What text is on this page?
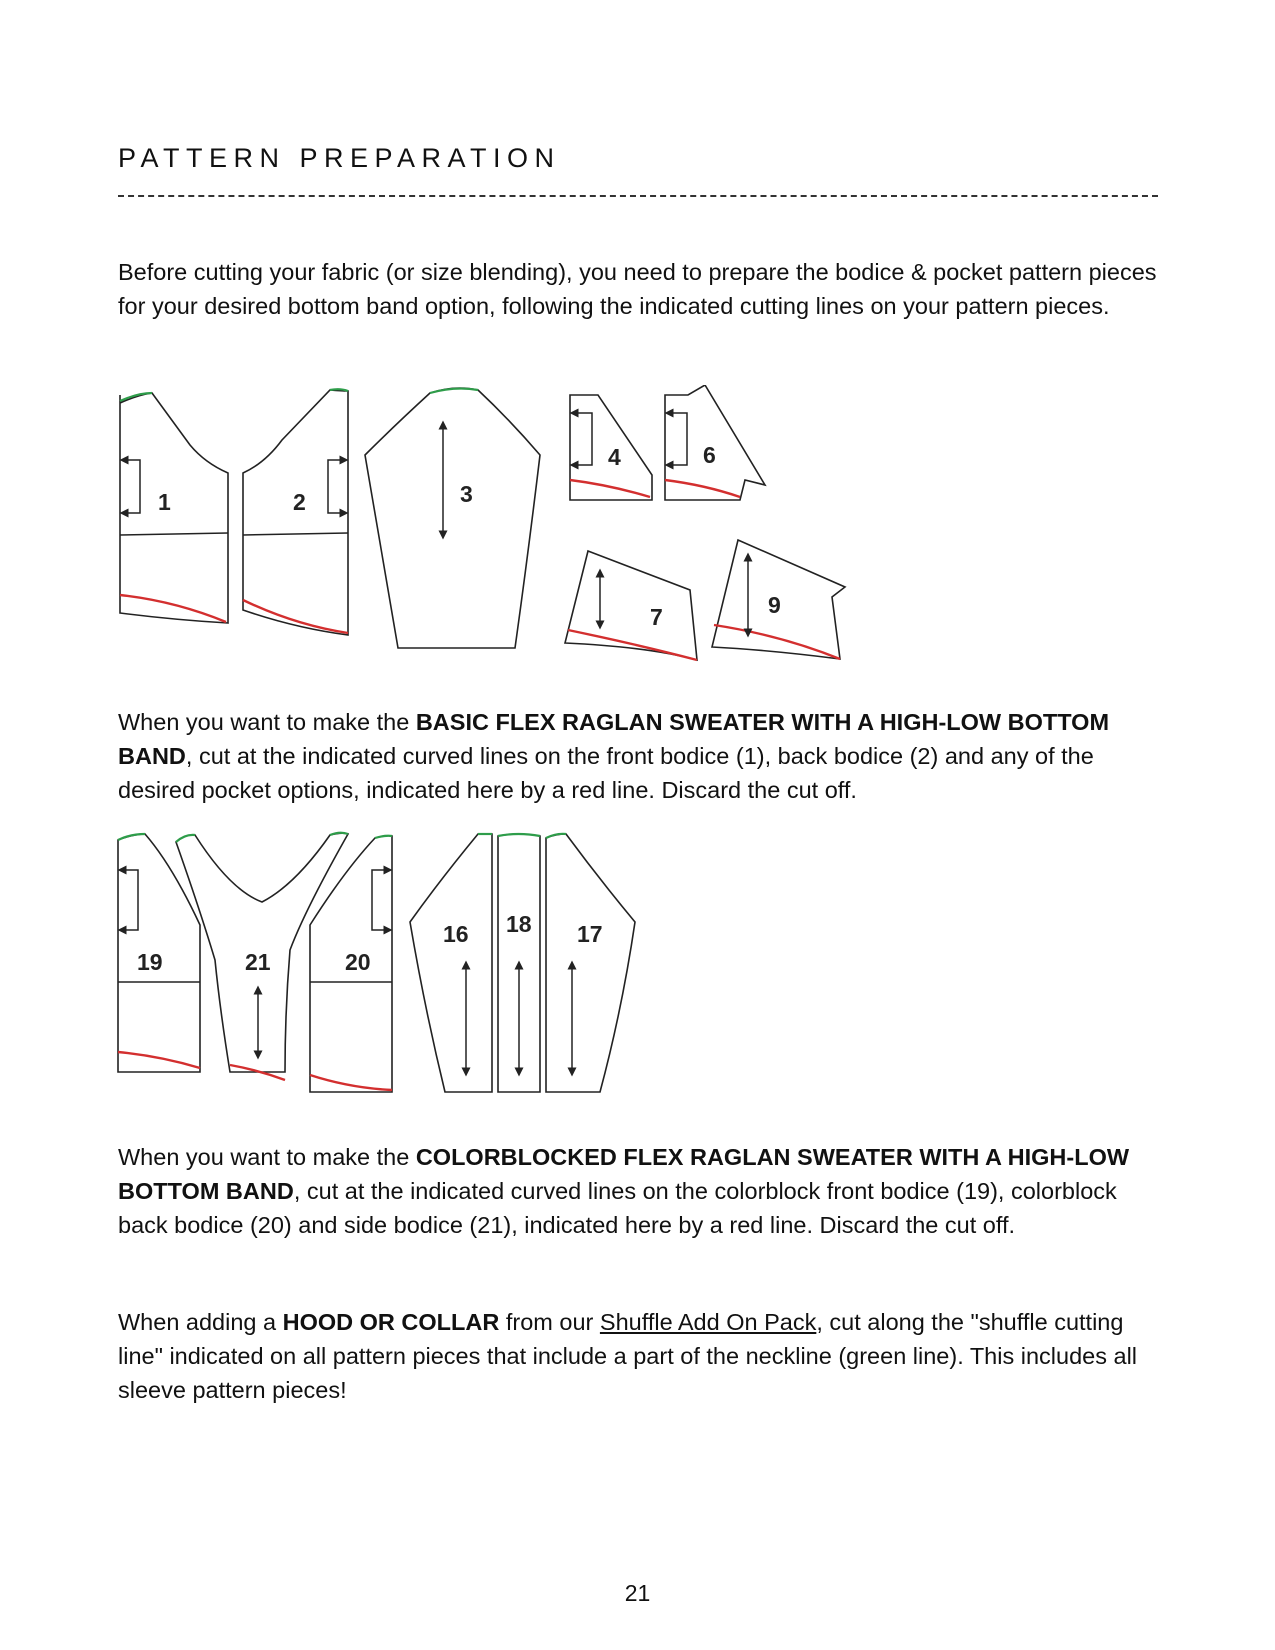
PATTERN PREPARATION

Before cutting your fabric (or size blending), you need to prepare the bodice & pocket pattern pieces for your desired bottom band option, following the indicated cutting lines on your pattern pieces.

1	2	3
4	6
7	9

When you want to make the BASIC FLEX RAGLAN SWEATER WITH A HIGH-LOW BOTTOM BAND, cut at the indicated curved lines on the front bodice (1), back bodice (2) and any of the desired pocket options, indicated here by a red line. Discard the cut off.

19	21	20
16 18 17

When you want to make the COLORBLOCKED FLEX RAGLAN SWEATER WITH A HIGH-LOW BOTTOM BAND, cut at the indicated curved lines on the colorblock front bodice (19), colorblock back bodice (20) and side bodice (21), indicated here by a red line. Discard the cut off.

When adding a HOOD OR COLLAR from our Shuffle Add On Pack, cut along the "shuffle cutting line" indicated on all pattern pieces that include a part of the neckline (green line). This includes all sleeve pattern pieces!

21
